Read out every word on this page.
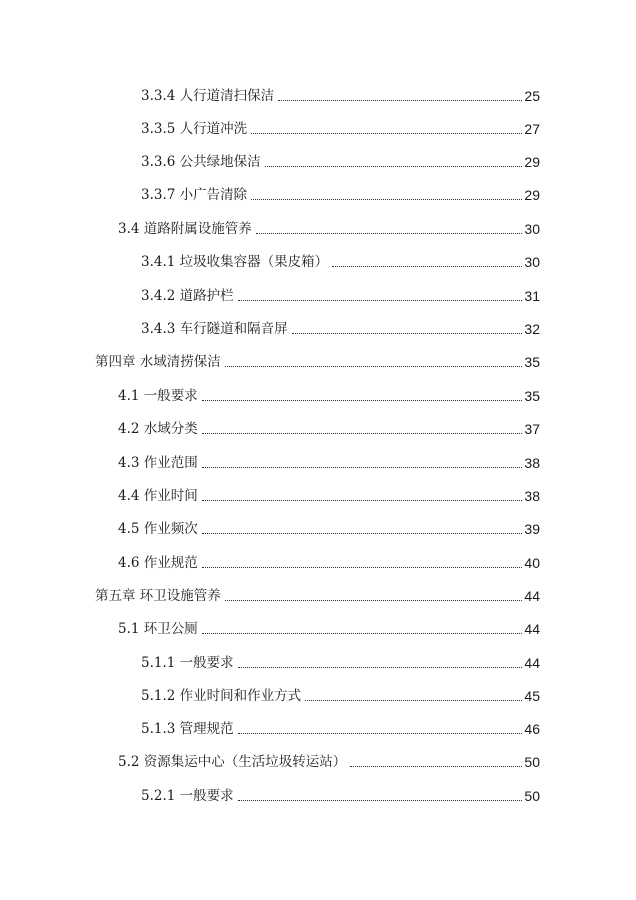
3.3.4 人行道清扫保洁	25
3.3.5 人行道冲洗	27
3.3.6 公共绿地保洁	29
3.3.7 小广告清除	29
3.4 道路附属设施管养	30
3.4.1 垃圾收集容器（果皮箱）	30
3.4.2 道路护栏	31
3.4.3 车行隧道和隔音屏	32
第四章 水域清捞保洁	35
4.1 一般要求	35
4.2 水域分类	37
4.3 作业范围	38
4.4 作业时间	38
4.5 作业频次	39
4.6 作业规范	40
第五章 环卫设施管养	44
5.1 环卫公厕	44
5.1.1 一般要求	44
5.1.2 作业时间和作业方式	45
5.1.3 管理规范	46
5.2 资源集运中心（生活垃圾转运站）	50
5.2.1 一般要求	50
